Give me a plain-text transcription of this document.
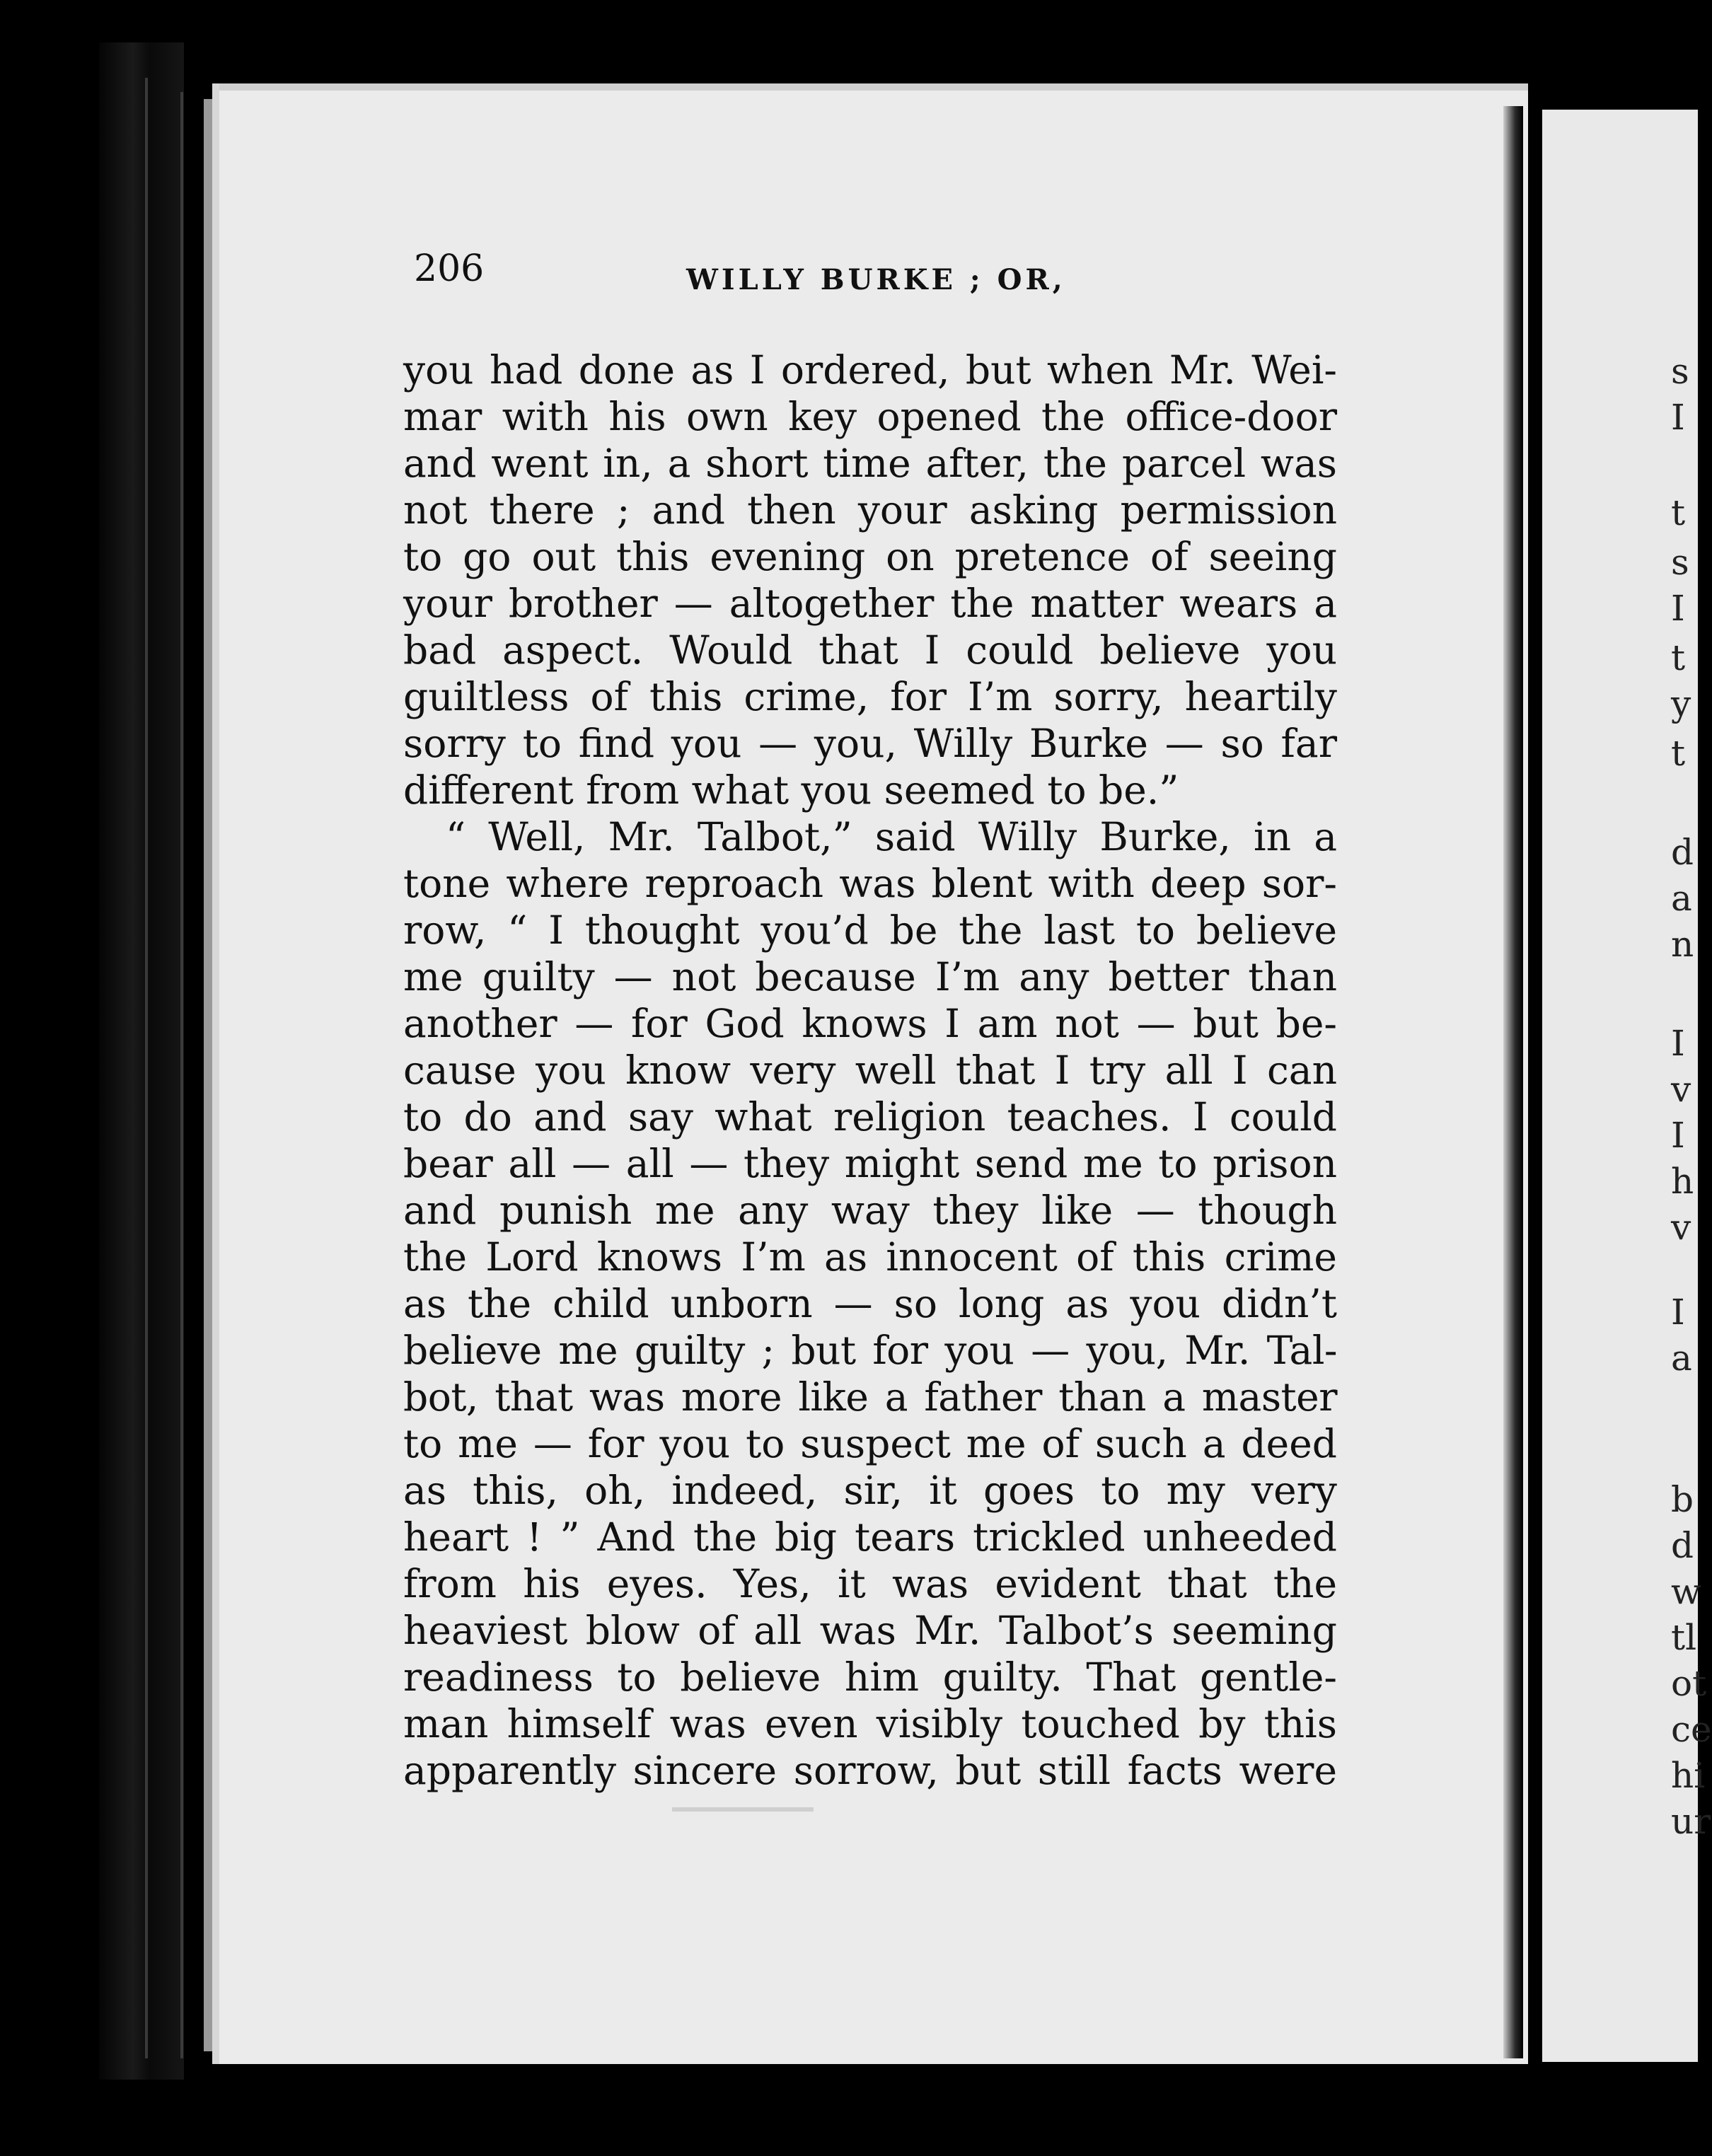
206	WILLY BURKE ; OR,
you had done as I ordered, but when Mr. Wei-
mar with his own key opened the office-door
and went in, a short time after, the parcel was
not there ; and then your asking permission
to go out this evening on pretence of seeing
your brother — altogether the matter wears a
bad aspect. Would that I could believe you
guiltless of this crime, for I’m sorry, heartily
sorry to find you — you, Willy Burke — so far
different from what you seemed to be.”
“ Well, Mr. Talbot,” said Willy Burke, in a
tone where reproach was blent with deep sor-
row, “ I thought you’d be the last to believe
me guilty — not because I’m any better than
another — for God knows I am not — but be-
cause you know very well that I try all I can
to do and say what religion teaches. I could
bear all — all — they might send me to prison
and punish me any way they like — though
the Lord knows I’m as innocent of this crime
as the child unborn — so long as you didn’t
believe me guilty ; but for you — you, Mr. Tal-
bot, that was more like a father than a master
to me — for you to suspect me of such a deed
as this, oh, indeed, sir, it goes to my very
heart ! ” And the big tears trickled unheeded
from his eyes. Yes, it was evident that the
heaviest blow of all was Mr. Talbot’s seeming
readiness to believe him guilty. That gentle-
man himself was even visibly touched by this
apparently sincere sorrow, but still facts were
s
I
t
s
I
t
y
t
d
a
n
I
v
I
h
v
I
a
b
d
w
tl
ot
ce
hi
ur
